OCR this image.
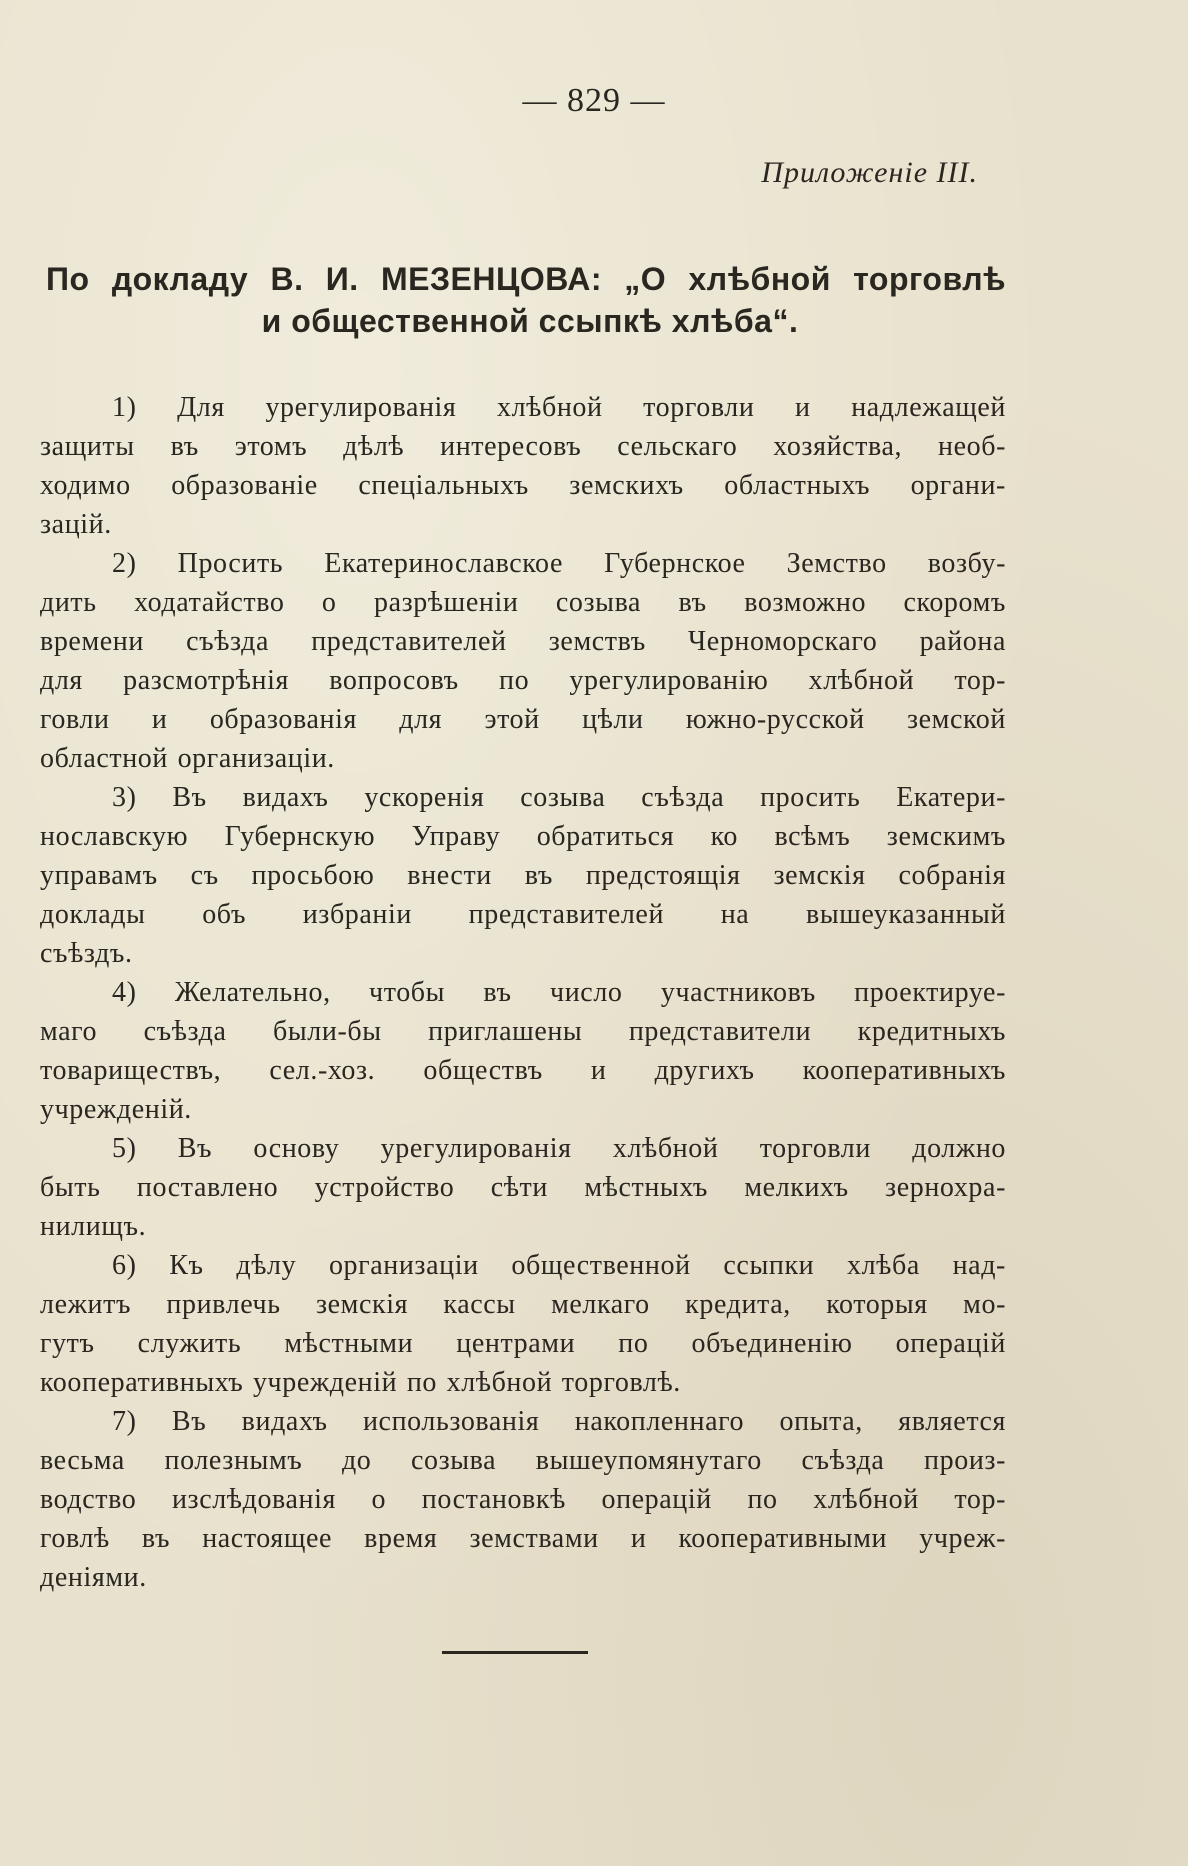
— 829 —
Приложенiе III.
По докладу В. И. МЕЗЕНЦОВА: „О хлѣбной торговлѣ
и общественной ссыпкѣ хлѣба“.
1) Для урегулированiя хлѣбной торговли и надлежащей
защиты въ этомъ дѣлѣ интересовъ сельскаго хозяйства, необ-
ходимо образованiе спецiальныхъ земскихъ областныхъ органи-
зацiй.
2) Просить Екатеринославское Губернское Земство возбу-
дить ходатайство о разрѣшенiи созыва въ возможно скоромъ
времени съѣзда представителей земствъ Черноморскаго района
для разсмотрѣнiя вопросовъ по урегулированiю хлѣбной тор-
говли и образованiя для этой цѣли южно-русской земской
областной организацiи.
3) Въ видахъ ускоренiя созыва съѣзда просить Екатери-
нославскую Губернскую Управу обратиться ко всѣмъ земскимъ
управамъ съ просьбою внести въ предстоящiя земскiя собранiя
доклады объ избранiи представителей на вышеуказанный
съѣздъ.
4) Желательно, чтобы въ число участниковъ проектируе-
маго съѣзда были-бы приглашены представители кредитныхъ
товариществъ, сел.-хоз. обществъ и другихъ кооперативныхъ
учрежденiй.
5) Въ основу урегулированiя хлѣбной торговли должно
быть поставлено устройство сѣти мѣстныхъ мелкихъ зернохра-
нилищъ.
6) Къ дѣлу организацiи общественной ссыпки хлѣба над-
лежитъ привлечь земскiя кассы мелкаго кредита, которыя мо-
гутъ служить мѣстными центрами по объединенiю операцiй
кооперативныхъ учрежденiй по хлѣбной торговлѣ.
7) Въ видахъ использованiя накопленнаго опыта, является
весьма полезнымъ до созыва вышеупомянутаго съѣзда произ-
водство изслѣдованiя о постановкѣ операцiй по хлѣбной тор-
говлѣ въ настоящее время земствами и кооперативными учреж-
денiями.
